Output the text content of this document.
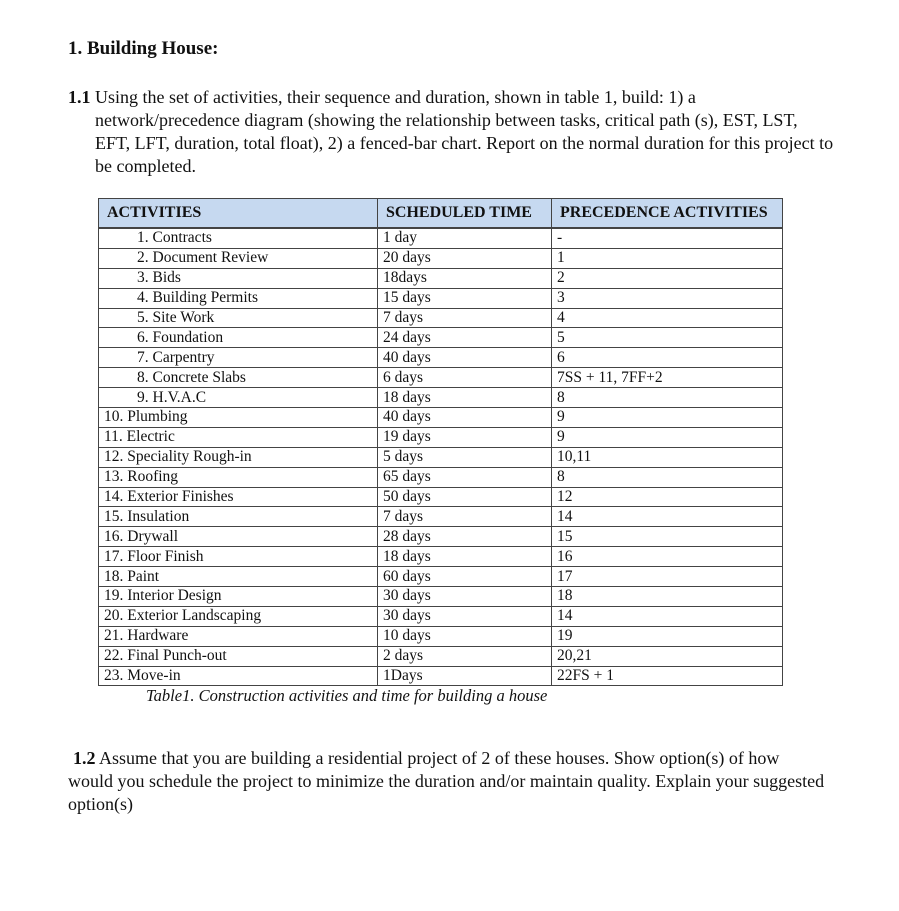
1. Building House:

1.1 Using the set of activities, their sequence and duration, shown in table 1, build: 1) a network/precedence diagram (showing the relationship between tasks, critical path (s), EST, LST, EFT, LFT, duration, total float), 2) a fenced-bar chart. Report on the normal duration for this project to be completed.

ACTIVITIES	SCHEDULED TIME	PRECEDENCE ACTIVITIES
1. Contracts	1 day	-
2. Document Review	20 days	1
3. Bids	18days	2
4. Building Permits	15 days	3
5. Site Work	7 days	4
6. Foundation	24 days	5
7. Carpentry	40 days	6
8. Concrete Slabs	6 days	7SS + 11, 7FF+2
9. H.V.A.C	18 days	8
10. Plumbing	40 days	9
11. Electric	19 days	9
12. Speciality Rough-in	5 days	10,11
13. Roofing	65 days	8
14. Exterior Finishes	50 days	12
15. Insulation	7 days	14
16. Drywall	28 days	15
17. Floor Finish	18 days	16
18. Paint	60 days	17
19. Interior Design	30 days	18
20. Exterior Landscaping	30 days	14
21. Hardware	10 days	19
22. Final Punch-out	2 days	20,21
23. Move-in	1Days	22FS + 1

Table1. Construction activities and time for building a house

1.2 Assume that you are building a residential project of 2 of these houses. Show option(s) of how would you schedule the project to minimize the duration and/or maintain quality. Explain your suggested option(s)
